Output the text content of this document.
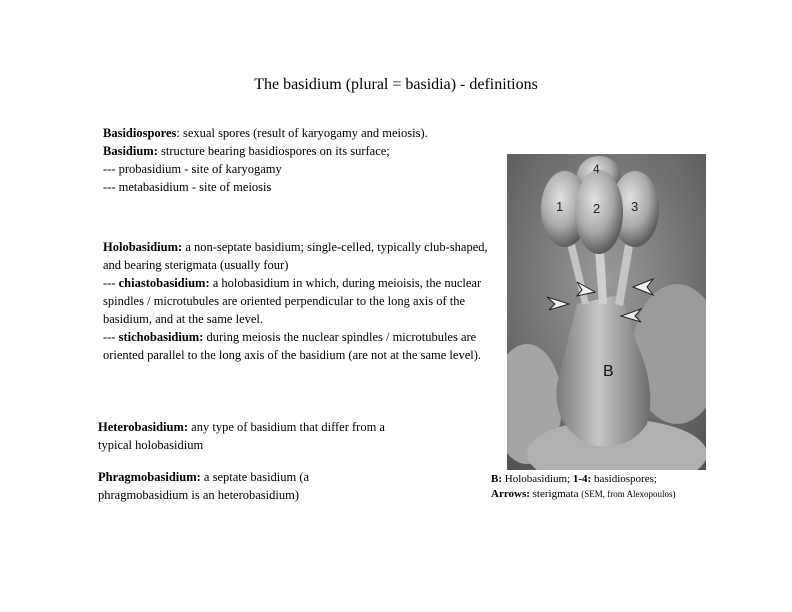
The basidium (plural = basidia) - definitions

Basidiospores: sexual spores (result of karyogamy and meiosis).

Basidium: structure bearing basidiospores on its surface;

--- probasidium - site of karyogamy

--- metabasidium - site of meiosis

Holobasidium: a non-septate basidium; single-celled, typically club-shaped, and bearing sterigmata (usually four)

--- chiastobasidium: a holobasidium in which, during meioisis, the nuclear spindles / microtubules are oriented perpendicular to the long axis of the basidium, and at the same level.

--- stichobasidium: during meiosis the nuclear spindles / microtubules are oriented parallel to the long axis of the basidium (are not at the same level).

Heterobasidium: any type of basidium that differ from a typical holobasidium

Phragmobasidium: a septate basidium (a phragmobasidium is an heterobasidium)

1 2 3
4
B
B: Holobasidium; 1-4: basidiospores;
Arrows: sterigmata (SEM, from Alexopoulos)
